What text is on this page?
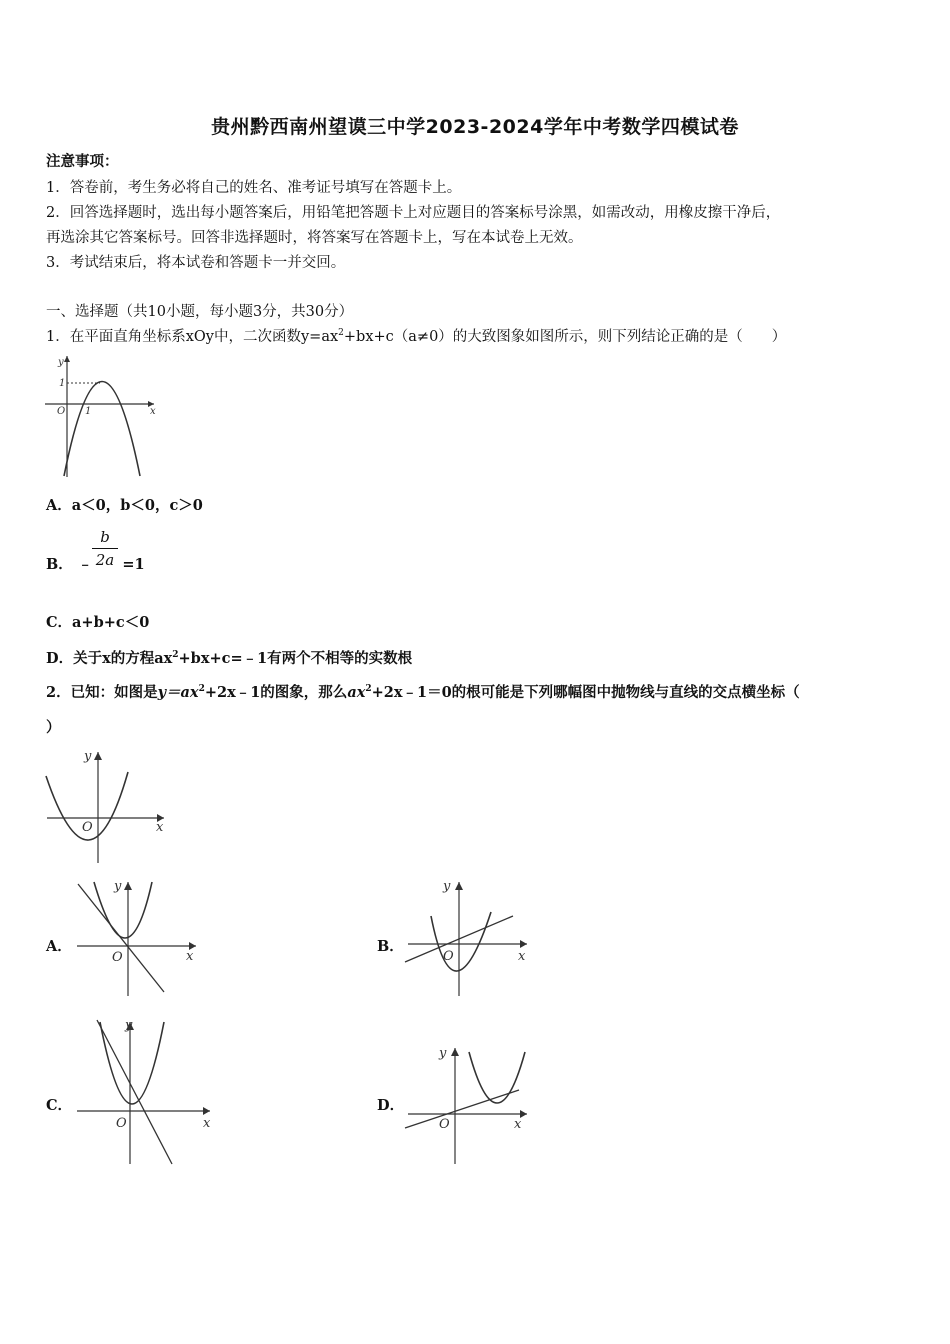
贵州黔西南州望谟三中学2023-2024学年中考数学四模试卷
注意事项：
1．答卷前，考生务必将自己的姓名、准考证号填写在答题卡上。
2．回答选择题时，选出每小题答案后，用铅笔把答题卡上对应题目的答案标号涂黑，如需改动，用橡皮擦干净后，
再选涂其它答案标号。回答非选择题时，将答案写在答题卡上，写在本试卷上无效。
3．考试结束后，将本试卷和答题卡一并交回。
一、选择题（共10小题，每小题3分，共30分）
1．在平面直角坐标系xOy中，二次函数$y=ax^2+bx+c(a\ne 0)$的大致图象如图所示，则下列结论正确的是（　　）
y
x
O
1
1
A．a＜0，b＜0，c＞0
B． ﹣ =1
$\frac{b}{2a}$
C．a+b+c＜0
D．关于x的方程$ax^2+bx+c=﹣1$有两个不相等的实数根
2．已知：如图是$y=ax^2+2x﹣1$的图象，那么$ax^2+2x﹣1=0$的根可能是下列哪幅图中抛物线与直线的交点横坐标（
）
y
x
O
A．
y
x
O
B．
y
x
O
C．
y
x
O
D．
y
x
O
